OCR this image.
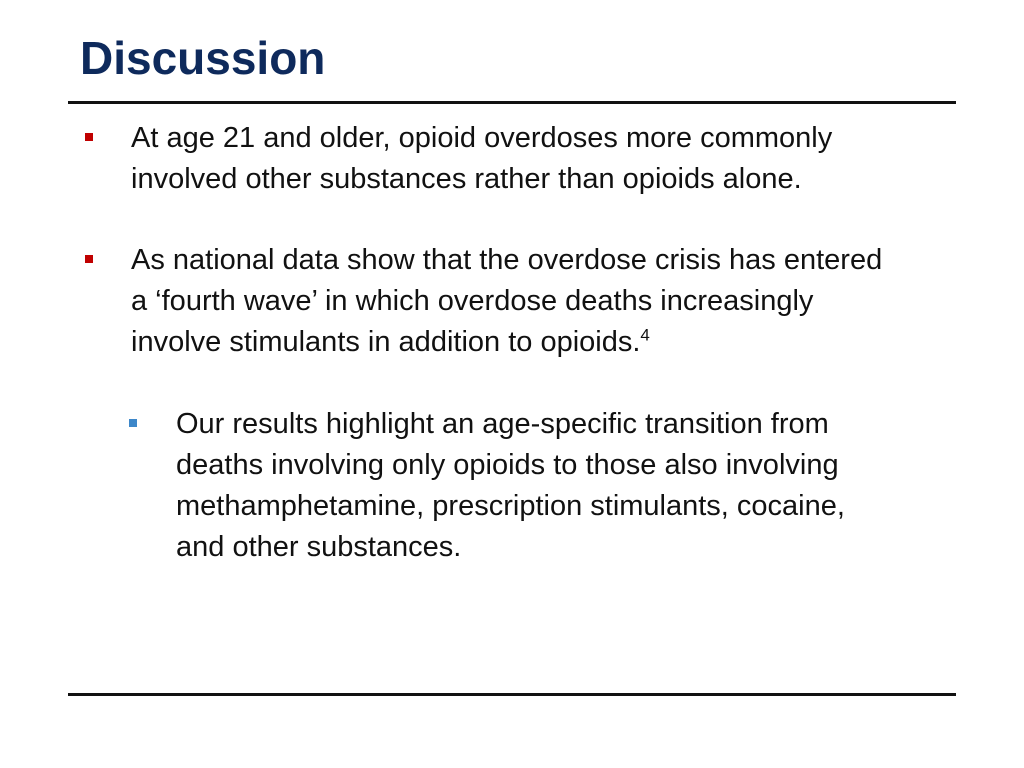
Discussion
At age 21 and older, opioid overdoses more commonly
involved other substances rather than opioids alone.
As national data show that the overdose crisis has entered
a ‘fourth wave’ in which overdose deaths increasingly
involve stimulants in addition to opioids.$^4$
Our results highlight an age-specific transition from
deaths involving only opioids to those also involving
methamphetamine, prescription stimulants, cocaine,
and other substances.
